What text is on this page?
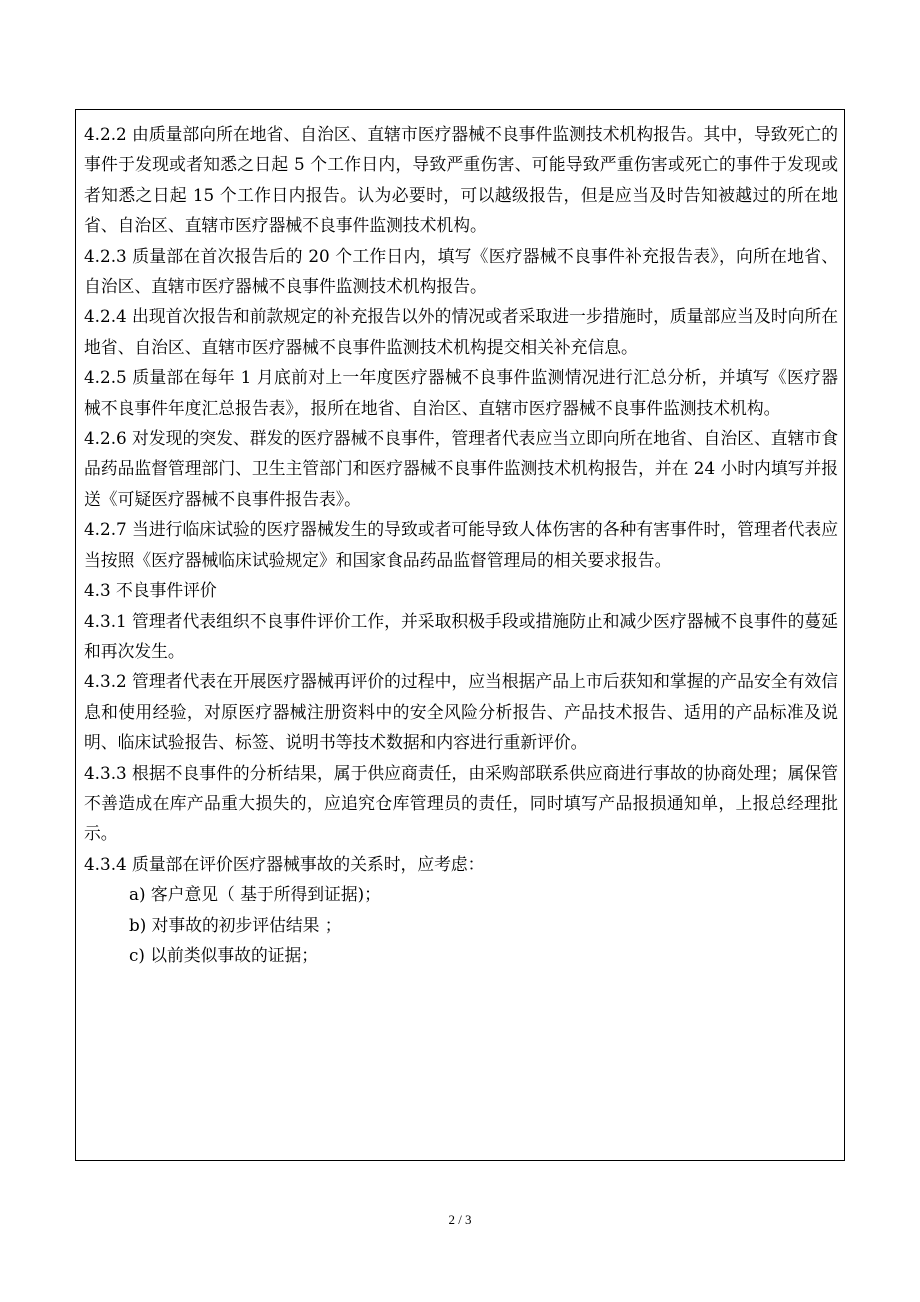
4.2.2 由质量部向所在地省、自治区、直辖市医疗器械不良事件监测技术机构报告。其中，导致死亡的事件于发现或者知悉之日起 5 个工作日内，导致严重伤害、可能导致严重伤害或死亡的事件于发现或者知悉之日起 15 个工作日内报告。认为必要时，可以越级报告，但是应当及时告知被越过的所在地省、自治区、直辖市医疗器械不良事件监测技术机构。

4.2.3 质量部在首次报告后的 20 个工作日内，填写《医疗器械不良事件补充报告表》，向所在地省、自治区、直辖市医疗器械不良事件监测技术机构报告。

4.2.4 出现首次报告和前款规定的补充报告以外的情况或者采取进一步措施时，质量部应当及时向所在地省、自治区、直辖市医疗器械不良事件监测技术机构提交相关补充信息。

4.2.5 质量部在每年 1 月底前对上一年度医疗器械不良事件监测情况进行汇总分析，并填写《医疗器械不良事件年度汇总报告表》，报所在地省、自治区、直辖市医疗器械不良事件监测技术机构。

4.2.6 对发现的突发、群发的医疗器械不良事件，管理者代表应当立即向所在地省、自治区、直辖市食品药品监督管理部门、卫生主管部门和医疗器械不良事件监测技术机构报告，并在 24 小时内填写并报送《可疑医疗器械不良事件报告表》。

4.2.7 当进行临床试验的医疗器械发生的导致或者可能导致人体伤害的各种有害事件时，管理者代表应当按照《医疗器械临床试验规定》和国家食品药品监督管理局的相关要求报告。

4.3 不良事件评价

4.3.1 管理者代表组织不良事件评价工作，并采取积极手段或措施防止和减少医疗器械不良事件的蔓延和再次发生。

4.3.2 管理者代表在开展医疗器械再评价的过程中，应当根据产品上市后获知和掌握的产品安全有效信息和使用经验，对原医疗器械注册资料中的安全风险分析报告、产品技术报告、适用的产品标准及说明、临床试验报告、标签、说明书等技术数据和内容进行重新评价。

4.3.3 根据不良事件的分析结果，属于供应商责任，由采购部联系供应商进行事故的协商处理；属保管不善造成在库产品重大损失的，应追究仓库管理员的责任，同时填写产品报损通知单，上报总经理批示。

4.3.4 质量部在评价医疗器械事故的关系时，应考虑：

a) 客户意见（ 基于所得到证据)；

b) 对事故的初步评估结果 ；

c) 以前类似事故的证据；

2 / 3
